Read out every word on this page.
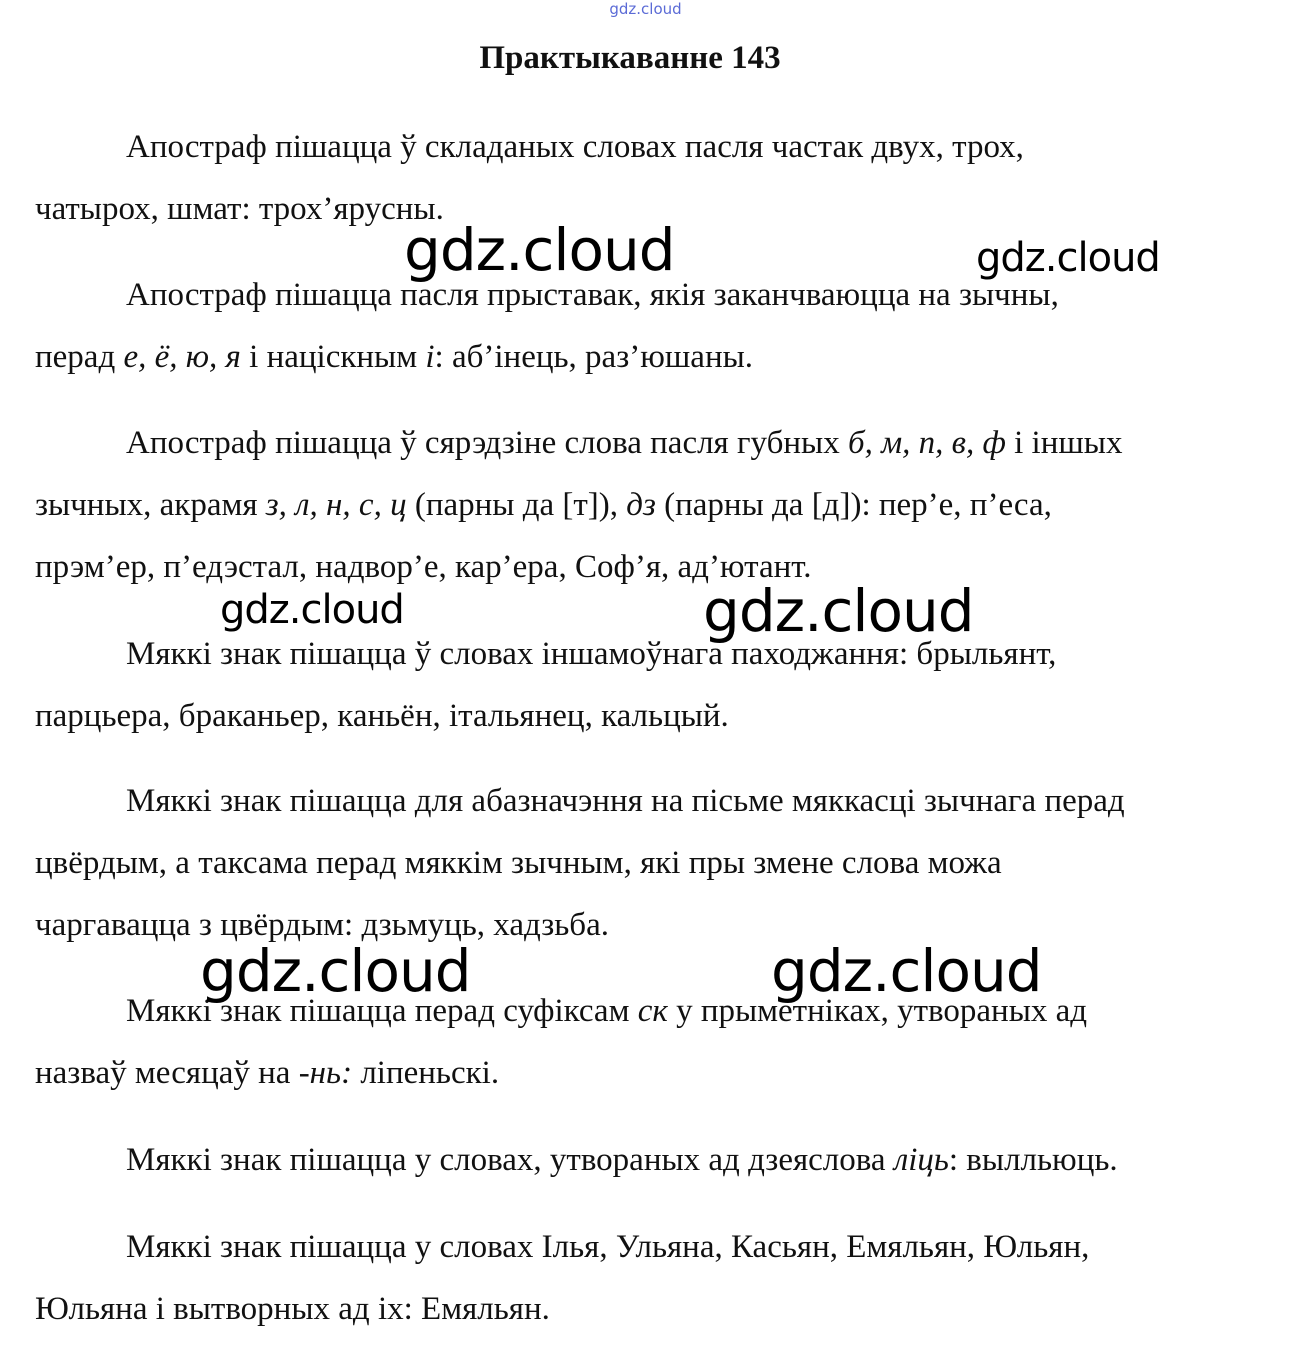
gdz.cloud
Практыкаванне 143

Апостраф пішацца ў складаных словах пасля частак двух, трох,
чатырох, шмат: трох’ярусны.

Апостраф пішацца пасля прыставак, якія заканчваюцца на зычны,
перад е, ё, ю, я і націскным і: аб’інець, раз’юшаны.

Апостраф пішацца ў сярэдзіне слова пасля губных б, м, п, в, ф і іншых
зычных, акрамя з, л, н, с, ц (парны да [т]), дз (парны да [д]): пер’е, п’еса,
прэм’ер, п’едэстал, надвор’е, кар’ера, Соф’я, ад’ютант.

Мяккі знак пішацца ў словах іншамоўнага паходжання: брыльянт,
парцьера, браканьер, каньён, італьянец, кальцый.

Мяккі знак пішацца для абазначэння на пісьме мяккасці зычнага перад
цвёрдым, а таксама перад мяккім зычным, які пры змене слова можа
чаргавацца з цвёрдым: дзьмуць, хадзьба.

Мяккі знак пішацца перад суфіксам ск у прыметніках, утвораных ад
назваў месяцаў на -нь: ліпеньскі.

Мяккі знак пішацца у словах, утвораных ад дзеяслова ліць: вылльюць.

Мяккі знак пішацца у словах Ілья, Ульяна, Касьян, Емяльян, Юльян,
Юльяна і вытворных ад іх: Емяльян.

gdz.cloud	gdz.cloud
gdz.cloud	gdz.cloud
gdz.cloud	gdz.cloud
